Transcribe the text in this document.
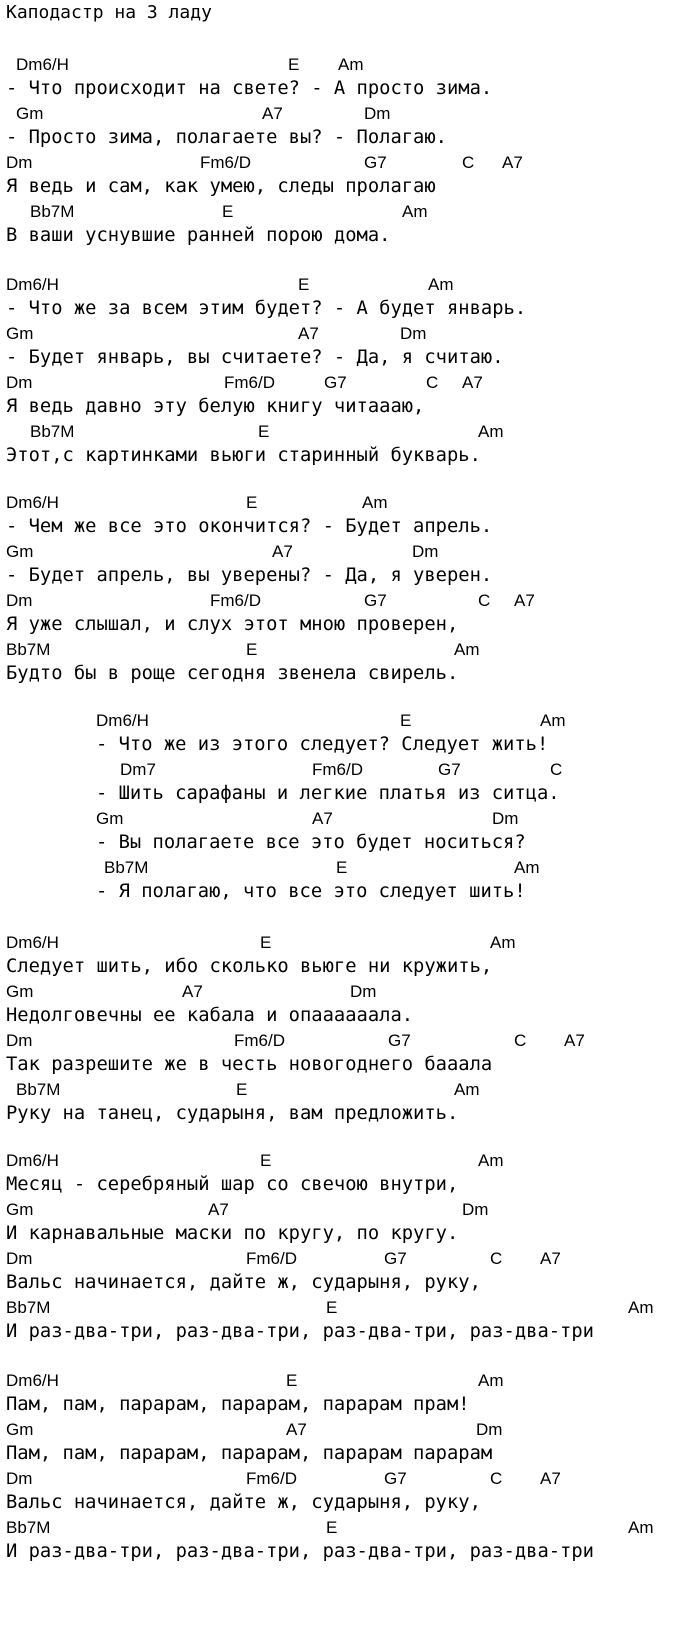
Каподастр на 3 ладу
Dm6/H	E Am
- Что происходит на свете? - А просто зима.
Gm	A7	Dm
- Просто зима, полагаете вы? - Полагаю.
Dm	Fm6/D	G7	C A7
Я ведь и сам, как умею, следы пролагаю
Bb7M	E	Am
В ваши уснувшие ранней порою дома.
Dm6/H	E	Am
- Что же за всем этим будет? - А будет январь.
Gm	A7	Dm
- Будет январь, вы считаете? - Да, я считаю.
Dm	Fm6/D	G7	C A7
Я ведь давно эту белую книгу читааaю,
Bb7M	E	Am
Этот,с картинками вьюги старинный букварь.
Dm6/H	E	Am
- Чем же все это окончится? - Будет апрель.
Gm	A7	Dm
- Будет апрель, вы уверены? - Да, я уверен.
Dm	Fm6/D	G7	C A7
Я уже слышал, и слух этот мною проверен,
Bb7M	E	Am
Будто бы в роще сегодня звенела свирель.
Dm6/H	E	Am
- Что же из этого следует? Следует жить!
Dm7	Fm6/D	G7	C
- Шить сарафаны и легкие платья из ситца.
Gm	A7	Dm
- Вы полагаете все это будет носиться?
Bb7M	E	Am
- Я полагаю, что все это следует шить!
Dm6/H	E	Am
Следует шить, ибо сколько вьюге ни кружить,
Gm	A7	Dm
Недолговечны ее кабала и опаааааaла.
Dm	Fm6/D	G7	C A7
Так разрешите же в честь новогоднего бааала
Bb7M	E	Am
Руку на танец, сударыня, вам предложить.
Dm6/H	E	Am
Месяц - серебряный шар со свечою внутри,
Gm	A7	Dm
И карнавальные маски по кругу, по кругу.
Dm	Fm6/D	G7	C A7
Вальс начинается, дайте ж, сударыня, руку,
Bb7M	E	Am
И раз-два-три, раз-два-три, раз-два-три, раз-два-три
Dm6/H	E	Am
Пам, пам, парарам, парарам, парарам прам!
Gm	A7	Dm
Пам, пам, парарам, парарам, парарам парарам
Dm	Fm6/D	G7	C A7
Вальс начинается, дайте ж, сударыня, руку,
Bb7M	E	Am
И раз-два-три, раз-два-три, раз-два-три, раз-два-три
